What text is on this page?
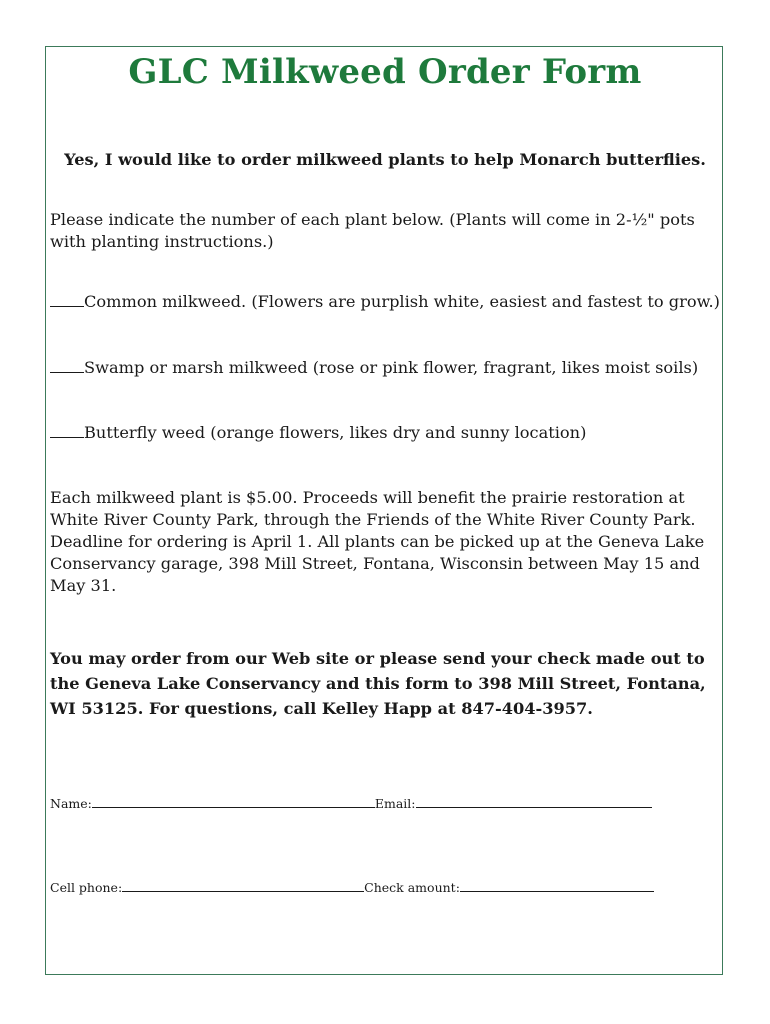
GLC Milkweed Order Form

Yes, I would like to order milkweed plants to help Monarch butterflies.

Please indicate the number of each plant below. (Plants will come in 2-½" pots
with planting instructions.)

Common milkweed. (Flowers are purplish white, easiest and fastest to grow.)

Swamp or marsh milkweed (rose or pink flower, fragrant, likes moist soils)

Butterfly weed (orange flowers, likes dry and sunny location)

Each milkweed plant is $5.00. Proceeds will benefit the prairie restoration at
White River County Park, through the Friends of the White River County Park.
Deadline for ordering is April 1. All plants can be picked up at the Geneva Lake
Conservancy garage, 398 Mill Street, Fontana, Wisconsin between May 15 and
May 31.

You may order from our Web site or please send your check made out to
the Geneva Lake Conservancy and this form to 398 Mill Street, Fontana,
WI 53125. For questions, call Kelley Happ at 847-404-3957.

Name:	Email:
Cell phone:	Check amount:
